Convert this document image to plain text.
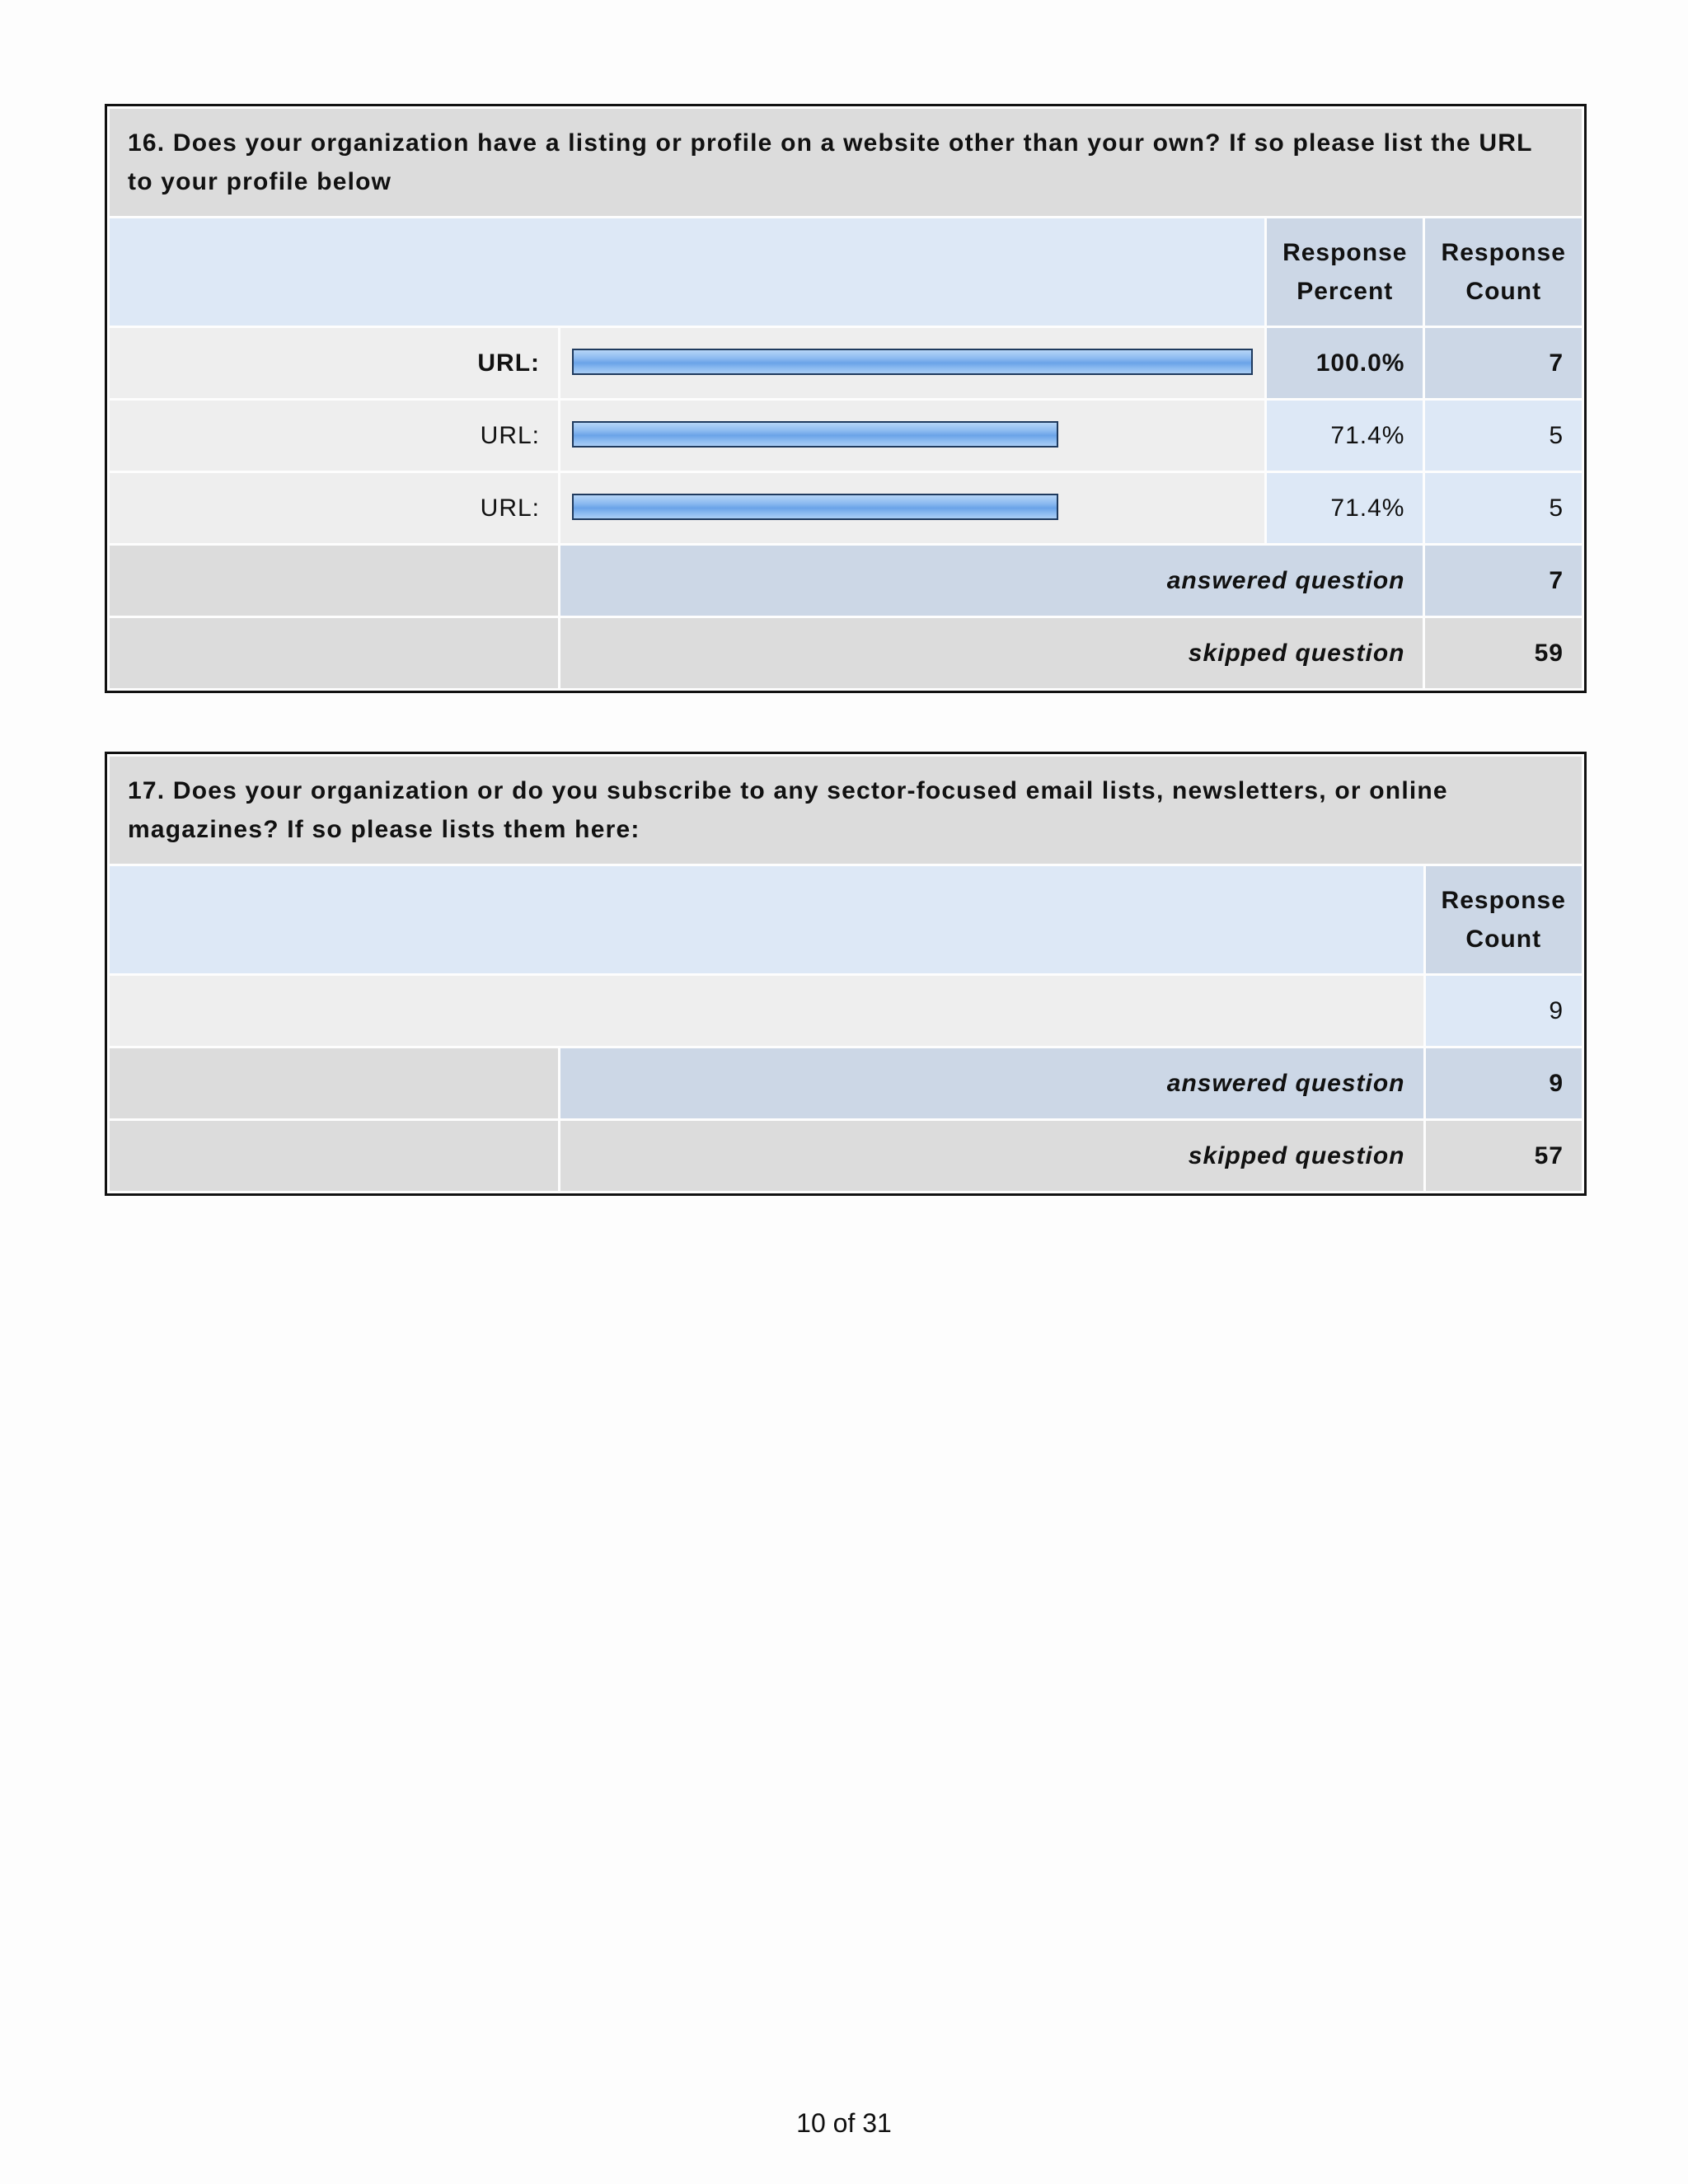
16. Does your organization have a listing or profile on a website other than your own? If so please list the URL to your profile below			
		Response Percent	Response Count
URL:		100.0%	7
URL:		71.4%	5
URL:		71.4%	5
	answered question		7
	skipped question		59
17. Does your organization or do you subscribe to any sector-focused email lists, newsletters, or online magazines? If so please lists them here:		
		Response Count
		9
	answered question	9
	skipped question	57
10 of 31
